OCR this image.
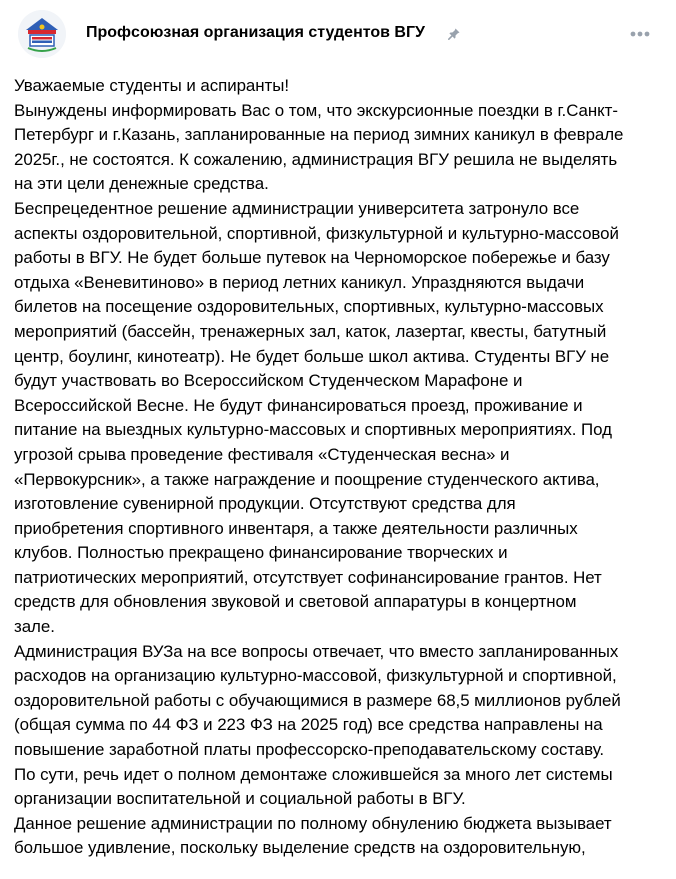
Профсоюзная организация студентов ВГУ
Уважаемые студенты и аспиранты!
Вынуждены информировать Вас о том, что экскурсионные поездки в г.Санкт-
Петербург и г.Казань, запланированные на период зимних каникул в феврале
2025г., не состоятся. К сожалению, администрация ВГУ решила не выделять
на эти цели денежные средства.
Беспрецедентное решение администрации университета затронуло все
аспекты оздоровительной, спортивной, физкультурной и культурно-массовой
работы в ВГУ. Не будет больше путевок на Черноморское побережье и базу
отдыха «Веневитиново» в период летних каникул. Упраздняются выдачи
билетов на посещение оздоровительных, спортивных, культурно-массовых
мероприятий (бассейн, тренажерных зал, каток, лазертаг, квесты, батутный
центр, боулинг, кинотеатр). Не будет больше школ актива. Студенты ВГУ не
будут участвовать во Всероссийском Студенческом Марафоне и
Всероссийской Весне. Не будут финансироваться проезд, проживание и
питание на выездных культурно-массовых и спортивных мероприятиях. Под
угрозой срыва проведение фестиваля «Студенческая весна» и
«Первокурсник», а также награждение и поощрение студенческого актива,
изготовление сувенирной продукции. Отсутствуют средства для
приобретения спортивного инвентаря, а также деятельности различных
клубов. Полностью прекращено финансирование творческих и
патриотических мероприятий, отсутствует софинансирование грантов. Нет
средств для обновления звуковой и световой аппаратуры в концертном
зале.
Администрация ВУЗа на все вопросы отвечает, что вместо запланированных
расходов на организацию культурно-массовой, физкультурной и спортивной,
оздоровительной работы с обучающимися в размере 68,5 миллионов рублей
(общая сумма по 44 ФЗ и 223 ФЗ на 2025 год) все средства направлены на
повышение заработной платы профессорско-преподавательскому составу.
По сути, речь идет о полном демонтаже сложившейся за много лет системы
организации воспитательной и социальной работы в ВГУ.
Данное решение администрации по полному обнулению бюджета вызывает
большое удивление, поскольку выделение средств на оздоровительную,
